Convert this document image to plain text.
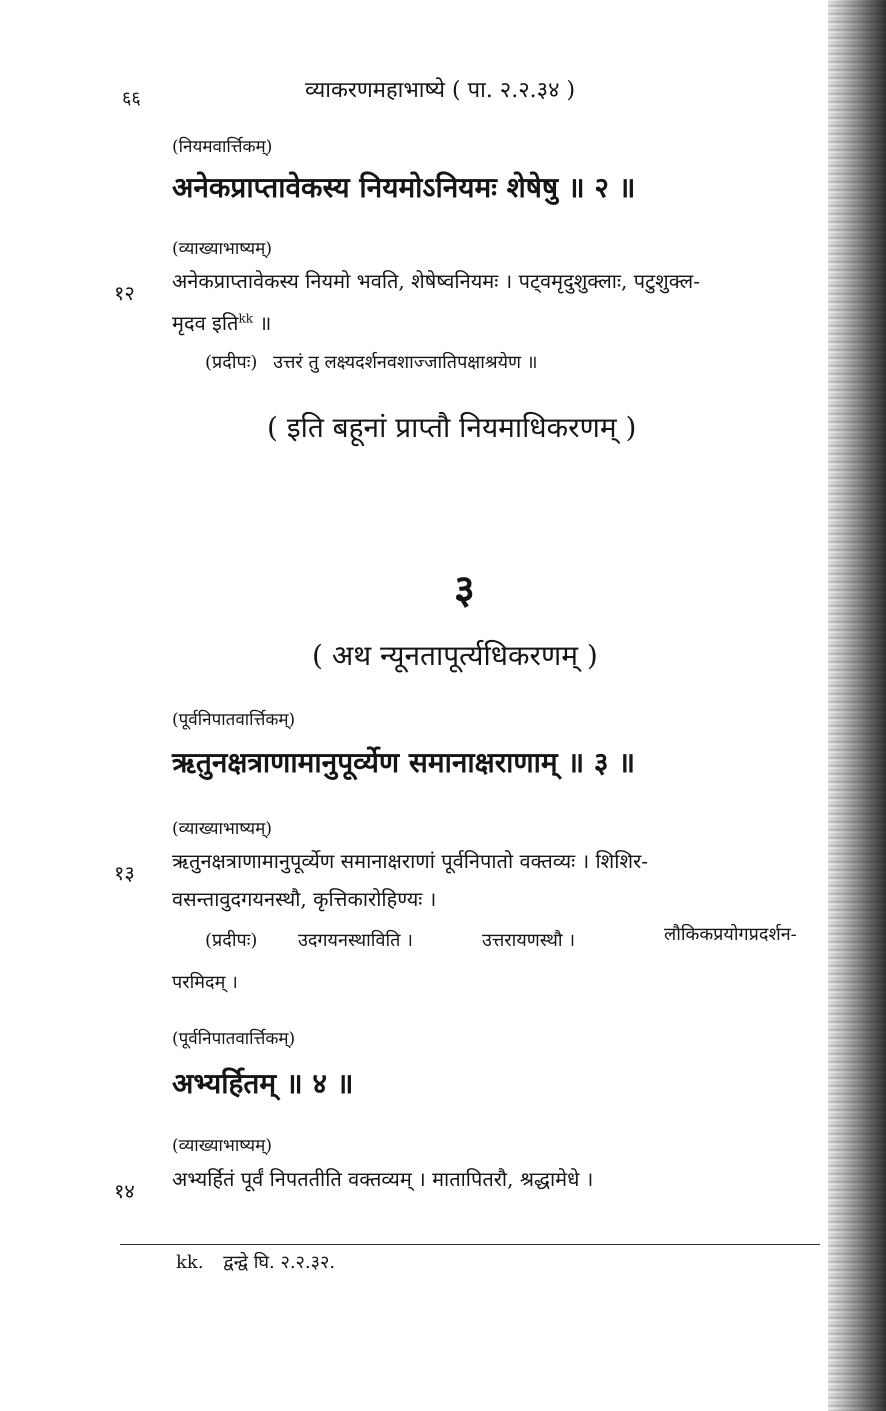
६६	व्याकरणमहाभाष्ये ( पा. २.२.३४ )
(नियमवार्त्तिकम्)
अनेकप्राप्तावेकस्य नियमोऽनियमः शेषेषु ॥ २ ॥
(व्याख्याभाष्यम्)
१२ अनेकप्राप्तावेकस्य नियमो भवति, शेषेष्वनियमः । पट्वमृदुशुक्लाः, पटुशुक्ल-
मृदव इति$^{kk}$ ॥
(प्रदीपः) उत्तरं तु लक्ष्यदर्शनवशाज्जातिपक्षाश्रयेण ॥
( इति बहूनां प्राप्तौ नियमाधिकरणम् )
३
( अथ न्यूनतापूर्त्यधिकरणम् )
(पूर्वनिपातवार्त्तिकम्)
ऋतुनक्षत्राणामानुपूर्व्येण समानाक्षराणाम् ॥ ३ ॥
(व्याख्याभाष्यम्)
१३ ऋतुनक्षत्राणामानुपूर्व्येण समानाक्षराणां पूर्वनिपातो वक्तव्यः । शिशिर-
वसन्तावुदगयनस्थौ, कृत्तिकारोहिण्यः ।
(प्रदीपः) उदगयनस्थाविति ।	उत्तरायणस्थौ ।	लौकिकप्रयोगप्रदर्शन-
परमिदम् ।
(पूर्वनिपातवार्त्तिकम्)
अभ्यर्हितम् ॥ ४ ॥
(व्याख्याभाष्यम्)
१४ अभ्यर्हितं पूर्वं निपततीति वक्तव्यम् । मातापितरौ, श्रद्धामेधे ।
kk. द्वन्द्वे घि. २.२.३२.
